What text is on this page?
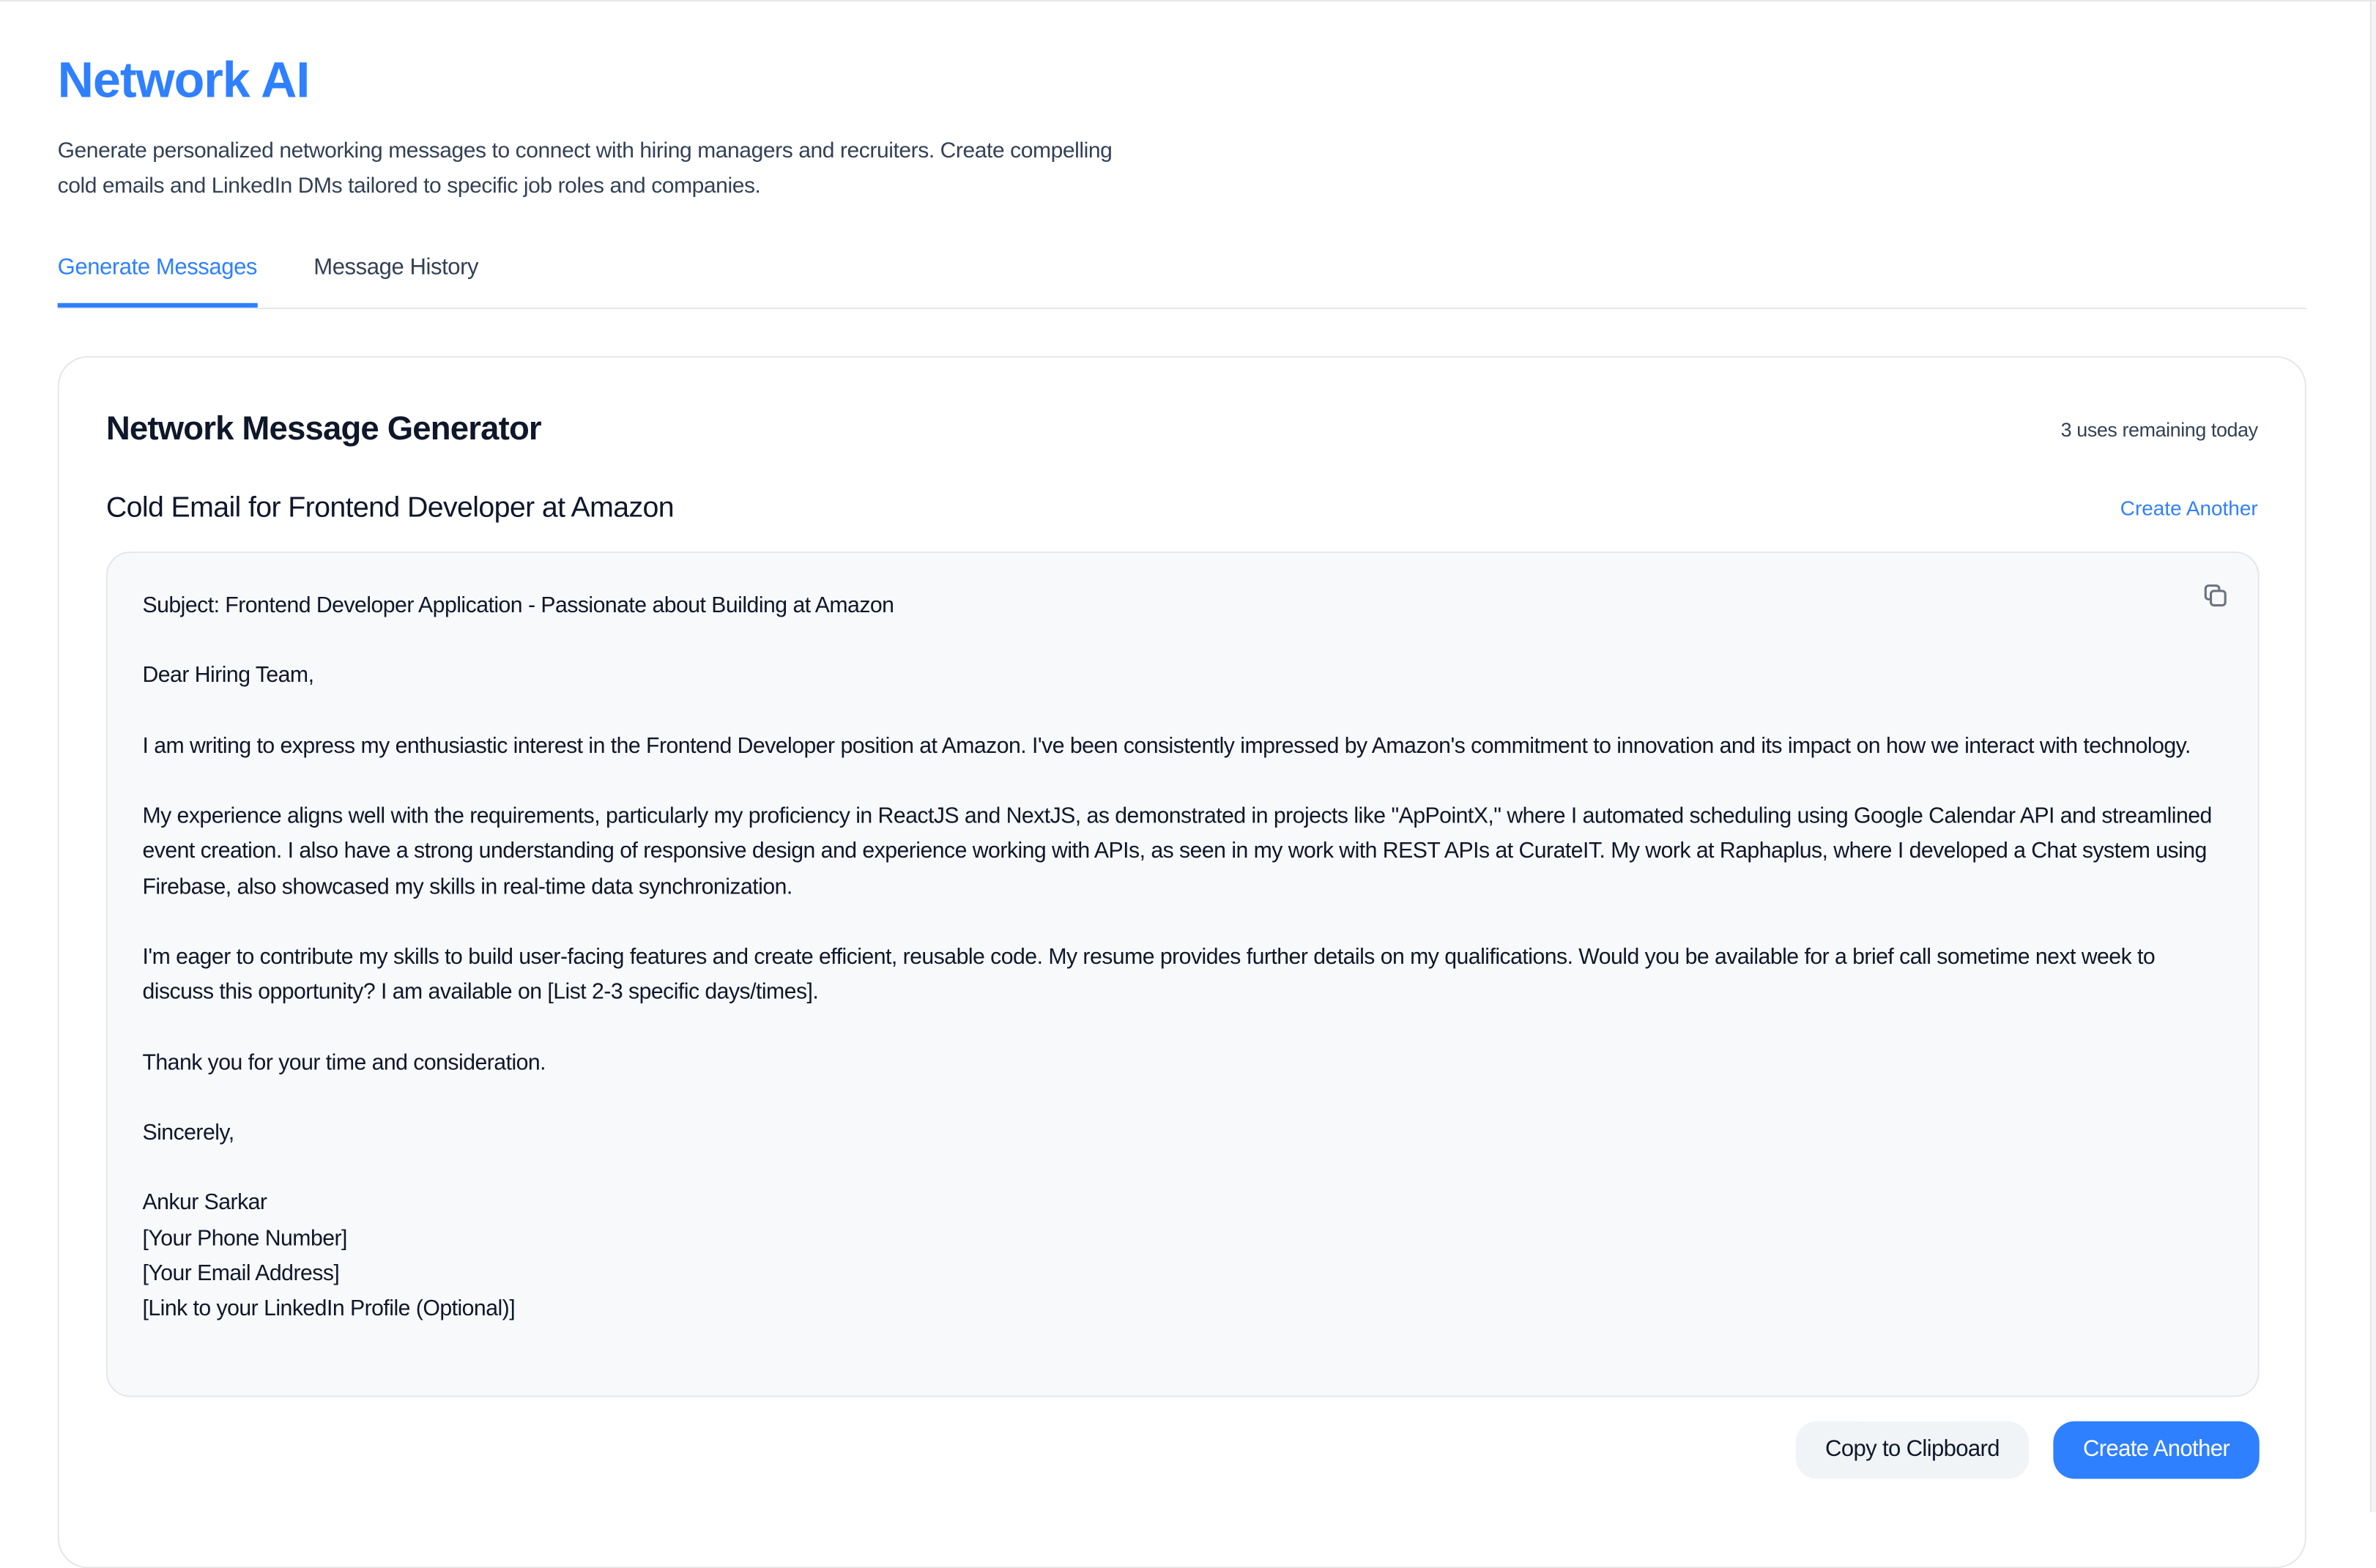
Network AI
Generate personalized networking messages to connect with hiring managers and recruiters. Create compelling cold emails and LinkedIn DMs tailored to specific job roles and companies.
Generate Messages	Message History
Network Message Generator	3 uses remaining today
Cold Email for Frontend Developer at Amazon	Create Another

Subject: Frontend Developer Application - Passionate about Building at Amazon

Dear Hiring Team,

I am writing to express my enthusiastic interest in the Frontend Developer position at Amazon. I've been consistently impressed by Amazon's commitment to innovation and its impact on how we interact with technology.

My experience aligns well with the requirements, particularly my proficiency in ReactJS and NextJS, as demonstrated in projects like "ApPointX," where I automated scheduling using Google Calendar API and streamlined event creation. I also have a strong understanding of responsive design and experience working with APIs, as seen in my work with REST APIs at CurateIT. My work at Raphaplus, where I developed a Chat system using Firebase, also showcased my skills in real-time data synchronization.

I'm eager to contribute my skills to build user-facing features and create efficient, reusable code. My resume provides further details on my qualifications. Would you be available for a brief call sometime next week to discuss this opportunity? I am available on [List 2-3 specific days/times].

Thank you for your time and consideration.

Sincerely,

Ankur Sarkar
[Your Phone Number]
[Your Email Address]
[Link to your LinkedIn Profile (Optional)]
Copy to Clipboard	Create Another
